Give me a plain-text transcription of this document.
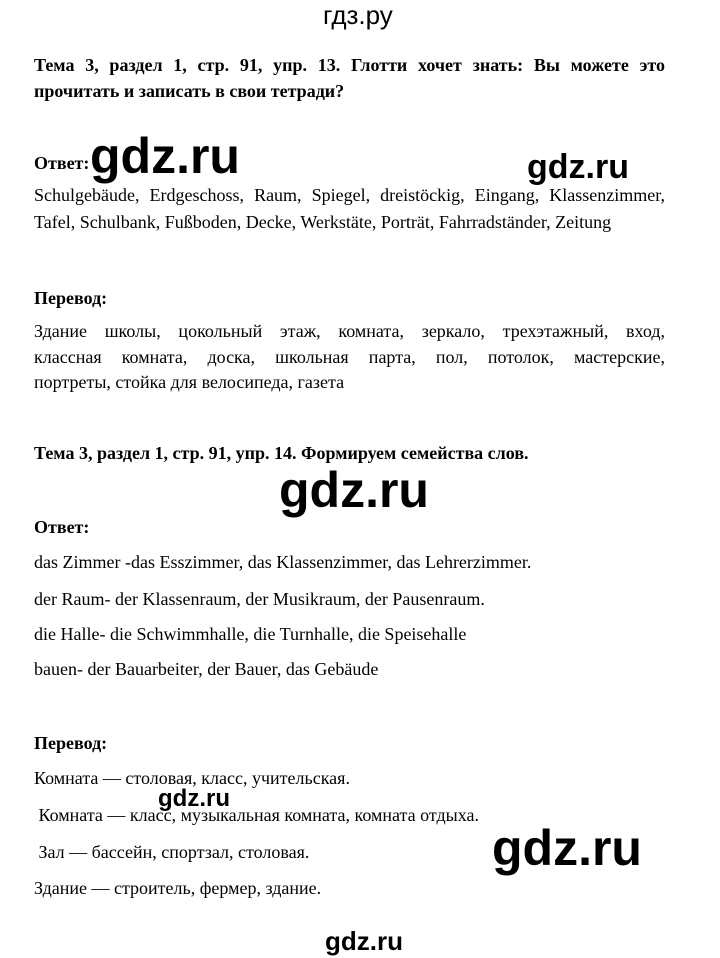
гдз.ру
gdz.ru	gdz.ru
gdz.ru
gdz.ru
gdz.ru
gdz.ru
Тема 3, раздел 1, стр. 91, упр. 13. Глотти хочет знать: Вы можете это
прочитать и записать в свои тетради?
Ответ:
Schulgebäude, Erdgeschoss, Raum, Spiegel, dreistöckig, Eingang, Klassenzimmer,
Tafel, Schulbank, Fußboden, Decke, Werkstäte, Porträt, Fahrradständer, Zeitung
Перевод:
Здание школы, цокольный этаж, комната, зеркало, трехэтажный, вход,
классная комната, доска, школьная парта, пол, потолок, мастерские,
портреты, стойка для велосипеда, газета
Тема 3, раздел 1, стр. 91, упр. 14. Формируем семейства слов.
Ответ:
das Zimmer -das Esszimmer, das Klassenzimmer, das Lehrerzimmer.
der Raum- der Klassenraum, der Musikraum, der Pausenraum.
die Halle- die Schwimmhalle, die Turnhalle, die Speisehalle
bauen- der Bauarbeiter, der Bauer, das Gebäude
Перевод:
Комната — столовая, класс, учительская.
Комната — класс, музыкальная комната, комната отдыха.
Зал — бассейн, спортзал, столовая.
Здание — строитель, фермер, здание.
